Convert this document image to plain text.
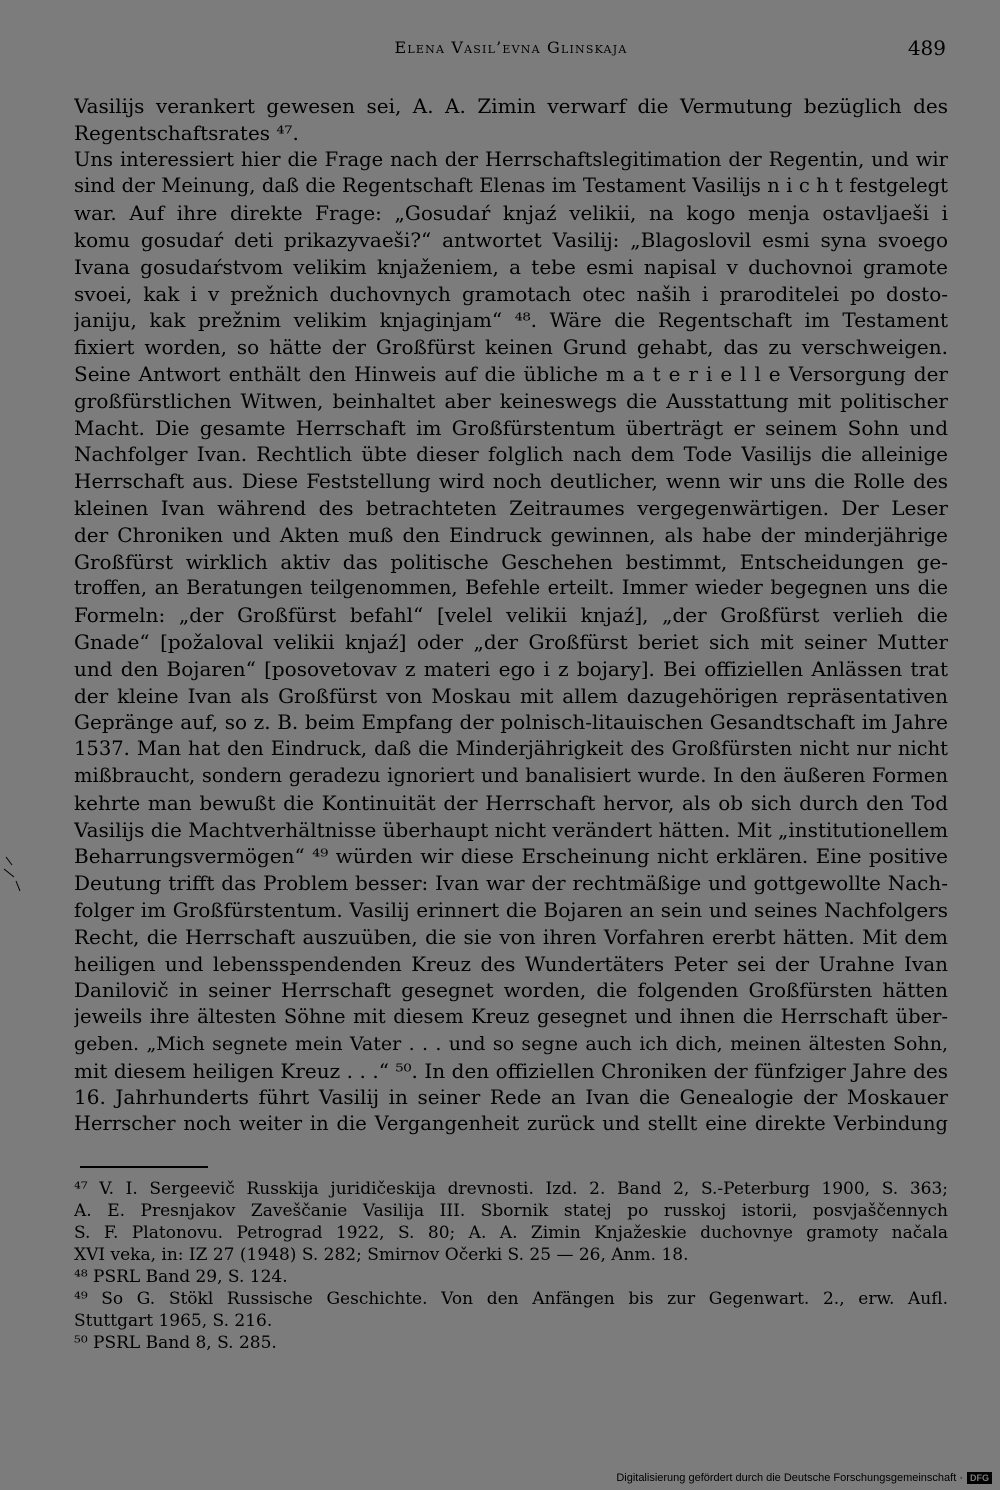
Elena Vasil’evna Glinskaja	489
Vasilijs verankert gewesen sei, A. A. Zimin verwarf die Vermutung bezüglich des
Regentschaftsrates ⁴⁷.
Uns interessiert hier die Frage nach der Herrschaftslegitimation der Regentin, und wir
sind der Meinung, daß die Regentschaft Elenas im Testament Vasilijs n i c h t festgelegt
war. Auf ihre direkte Frage: „Gosudaŕ knjaź velikii, na kogo menja ostavljaeši i
komu gosudaŕ deti prikazyvaeši?“ antwortet Vasilij: „Blagoslovil esmi syna svoego
Ivana gosudaŕstvom velikim knjaženiem, a tebe esmi napisal v duchovnoi gramote
svoei, kak i v prežnich duchovnych gramotach otec naših i praroditelei po dosto-
janiju, kak prežnim velikim knjaginjam“ ⁴⁸. Wäre die Regentschaft im Testament
fixiert worden, so hätte der Großfürst keinen Grund gehabt, das zu verschweigen.
Seine Antwort enthält den Hinweis auf die übliche m a t e r i e l l e Versorgung der
großfürstlichen Witwen, beinhaltet aber keineswegs die Ausstattung mit politischer
Macht. Die gesamte Herrschaft im Großfürstentum überträgt er seinem Sohn und
Nachfolger Ivan. Rechtlich übte dieser folglich nach dem Tode Vasilijs die alleinige
Herrschaft aus. Diese Feststellung wird noch deutlicher, wenn wir uns die Rolle des
kleinen Ivan während des betrachteten Zeitraumes vergegenwärtigen. Der Leser
der Chroniken und Akten muß den Eindruck gewinnen, als habe der minderjährige
Großfürst wirklich aktiv das politische Geschehen bestimmt, Entscheidungen ge-
troffen, an Beratungen teilgenommen, Befehle erteilt. Immer wieder begegnen uns die
Formeln: „der Großfürst befahl“ [velel velikii knjaź], „der Großfürst verlieh die
Gnade“ [požaloval velikii knjaź] oder „der Großfürst beriet sich mit seiner Mutter
und den Bojaren“ [posovetovav z materi ego i z bojary]. Bei offiziellen Anlässen trat
der kleine Ivan als Großfürst von Moskau mit allem dazugehörigen repräsentativen
Gepränge auf, so z. B. beim Empfang der polnisch-litauischen Gesandtschaft im Jahre
1537. Man hat den Eindruck, daß die Minderjährigkeit des Großfürsten nicht nur nicht
mißbraucht, sondern geradezu ignoriert und banalisiert wurde. In den äußeren Formen
kehrte man bewußt die Kontinuität der Herrschaft hervor, als ob sich durch den Tod
Vasilijs die Machtverhältnisse überhaupt nicht verändert hätten. Mit „institutionellem
Beharrungsvermögen“ ⁴⁹ würden wir diese Erscheinung nicht erklären. Eine positive
Deutung trifft das Problem besser: Ivan war der rechtmäßige und gottgewollte Nach-
folger im Großfürstentum. Vasilij erinnert die Bojaren an sein und seines Nachfolgers
Recht, die Herrschaft auszuüben, die sie von ihren Vorfahren ererbt hätten. Mit dem
heiligen und lebensspendenden Kreuz des Wundertäters Peter sei der Urahne Ivan
Danilovič in seiner Herrschaft gesegnet worden, die folgenden Großfürsten hätten
jeweils ihre ältesten Söhne mit diesem Kreuz gesegnet und ihnen die Herrschaft über-
geben. „Mich segnete mein Vater . . . und so segne auch ich dich, meinen ältesten Sohn,
mit diesem heiligen Kreuz . . .“ ⁵⁰. In den offiziellen Chroniken der fünfziger Jahre des
16. Jahrhunderts führt Vasilij in seiner Rede an Ivan die Genealogie der Moskauer
Herrscher noch weiter in die Vergangenheit zurück und stellt eine direkte Verbindung
⁴⁷ V. I. Sergeevič Russkija juridičeskija drevnosti. Izd. 2. Band 2, S.-Peterburg 1900, S. 363;
A. E. Presnjakov Zaveščanie Vasilija III. Sbornik statej po russkoj istorii, posvjaščennych
S. F. Platonovu. Petrograd 1922, S. 80; A. A. Zimin Knjažeskie duchovnye gramoty načala
XVI veka, in: IZ 27 (1948) S. 282; Smirnov Očerki S. 25 — 26, Anm. 18.
⁴⁸ PSRL Band 29, S. 124.
⁴⁹ So G. Stökl Russische Geschichte. Von den Anfängen bis zur Gegenwart. 2., erw. Aufl.
Stuttgart 1965, S. 216.
⁵⁰ PSRL Band 8, S. 285.
Digitalisierung gefördert durch die Deutsche Forschungsgemeinschaft · DFG
